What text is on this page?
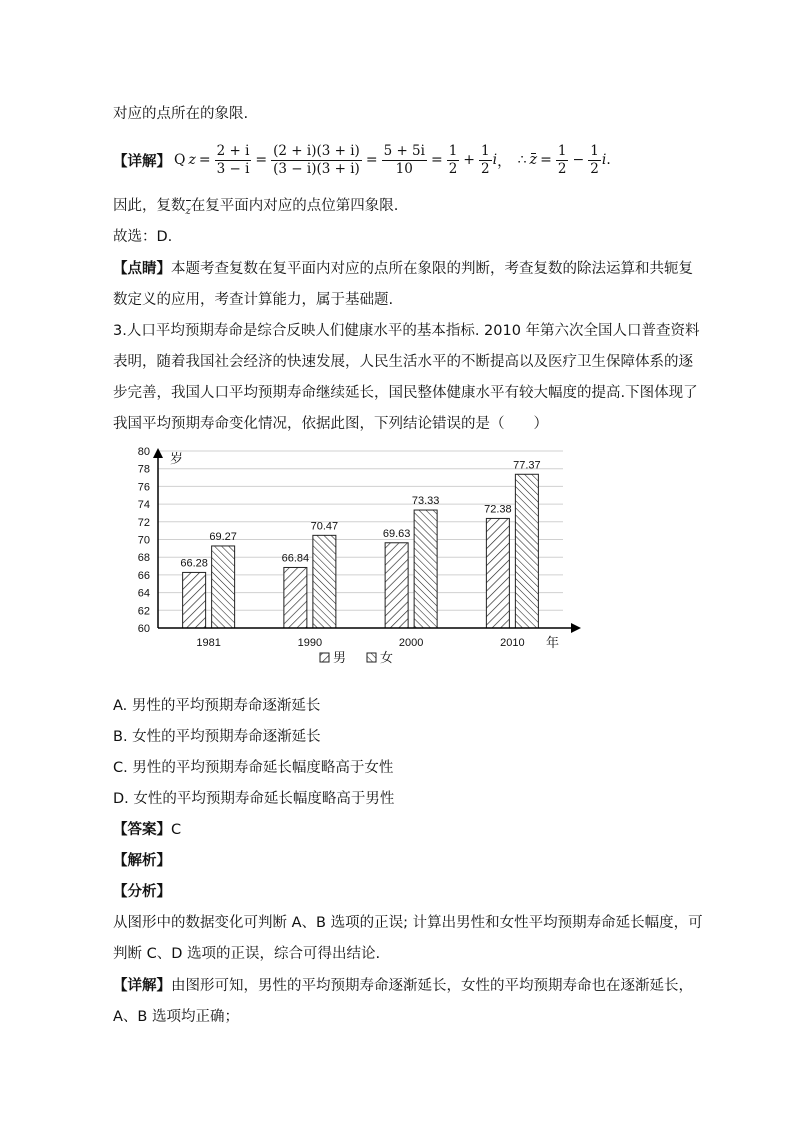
对应的点所在的象限.
【详解】 Q $z = \frac{2 + i}{3 - i} = \frac{(2 + i)(3 + i)}{(3 - i)(3 + i)} = \frac{5 + 5i}{10} = \frac{1}{2} + \frac{1}{2}$ i ， ∴ $z = \frac{1}{2} - \frac{1}{2}$ i .
因此，复数z在复平面内对应的点位第四象限.
故选：D.
【点睛】本题考查复数在复平面内对应的点所在象限的判断，考查复数的除法运算和共轭复
数定义的应用，考查计算能力，属于基础题.
3.人口平均预期寿命是综合反映人们健康水平的基本指标. 2010 年第六次全国人口普查资料
表明，随着我国社会经济的快速发展，人民生活水平的不断提高以及医疗卫生保障体系的逐
步完善，我国人口平均预期寿命继续延长，国民整体健康水平有较大幅度的提高.下图体现了
我国平均预期寿命变化情况，依据此图，下列结论错误的是（　　）
60
62
64
66
68
70
72
74
76
78
80
66.28
69.27
66.84
70.47
69.63
73.33
72.38
77.37
1981	1990	2000	2010
岁
年
男	女
A. 男性的平均预期寿命逐渐延长
B. 女性的平均预期寿命逐渐延长
C. 男性的平均预期寿命延长幅度略高于女性
D. 女性的平均预期寿命延长幅度略高于男性
【答案】C
【解析】
【分析】
从图形中的数据变化可判断 A、B 选项的正误; 计算出男性和女性平均预期寿命延长幅度，可
判断 C、D 选项的正误，综合可得出结论.
【详解】由图形可知，男性的平均预期寿命逐渐延长，女性的平均预期寿命也在逐渐延长，
A、B 选项均正确；
